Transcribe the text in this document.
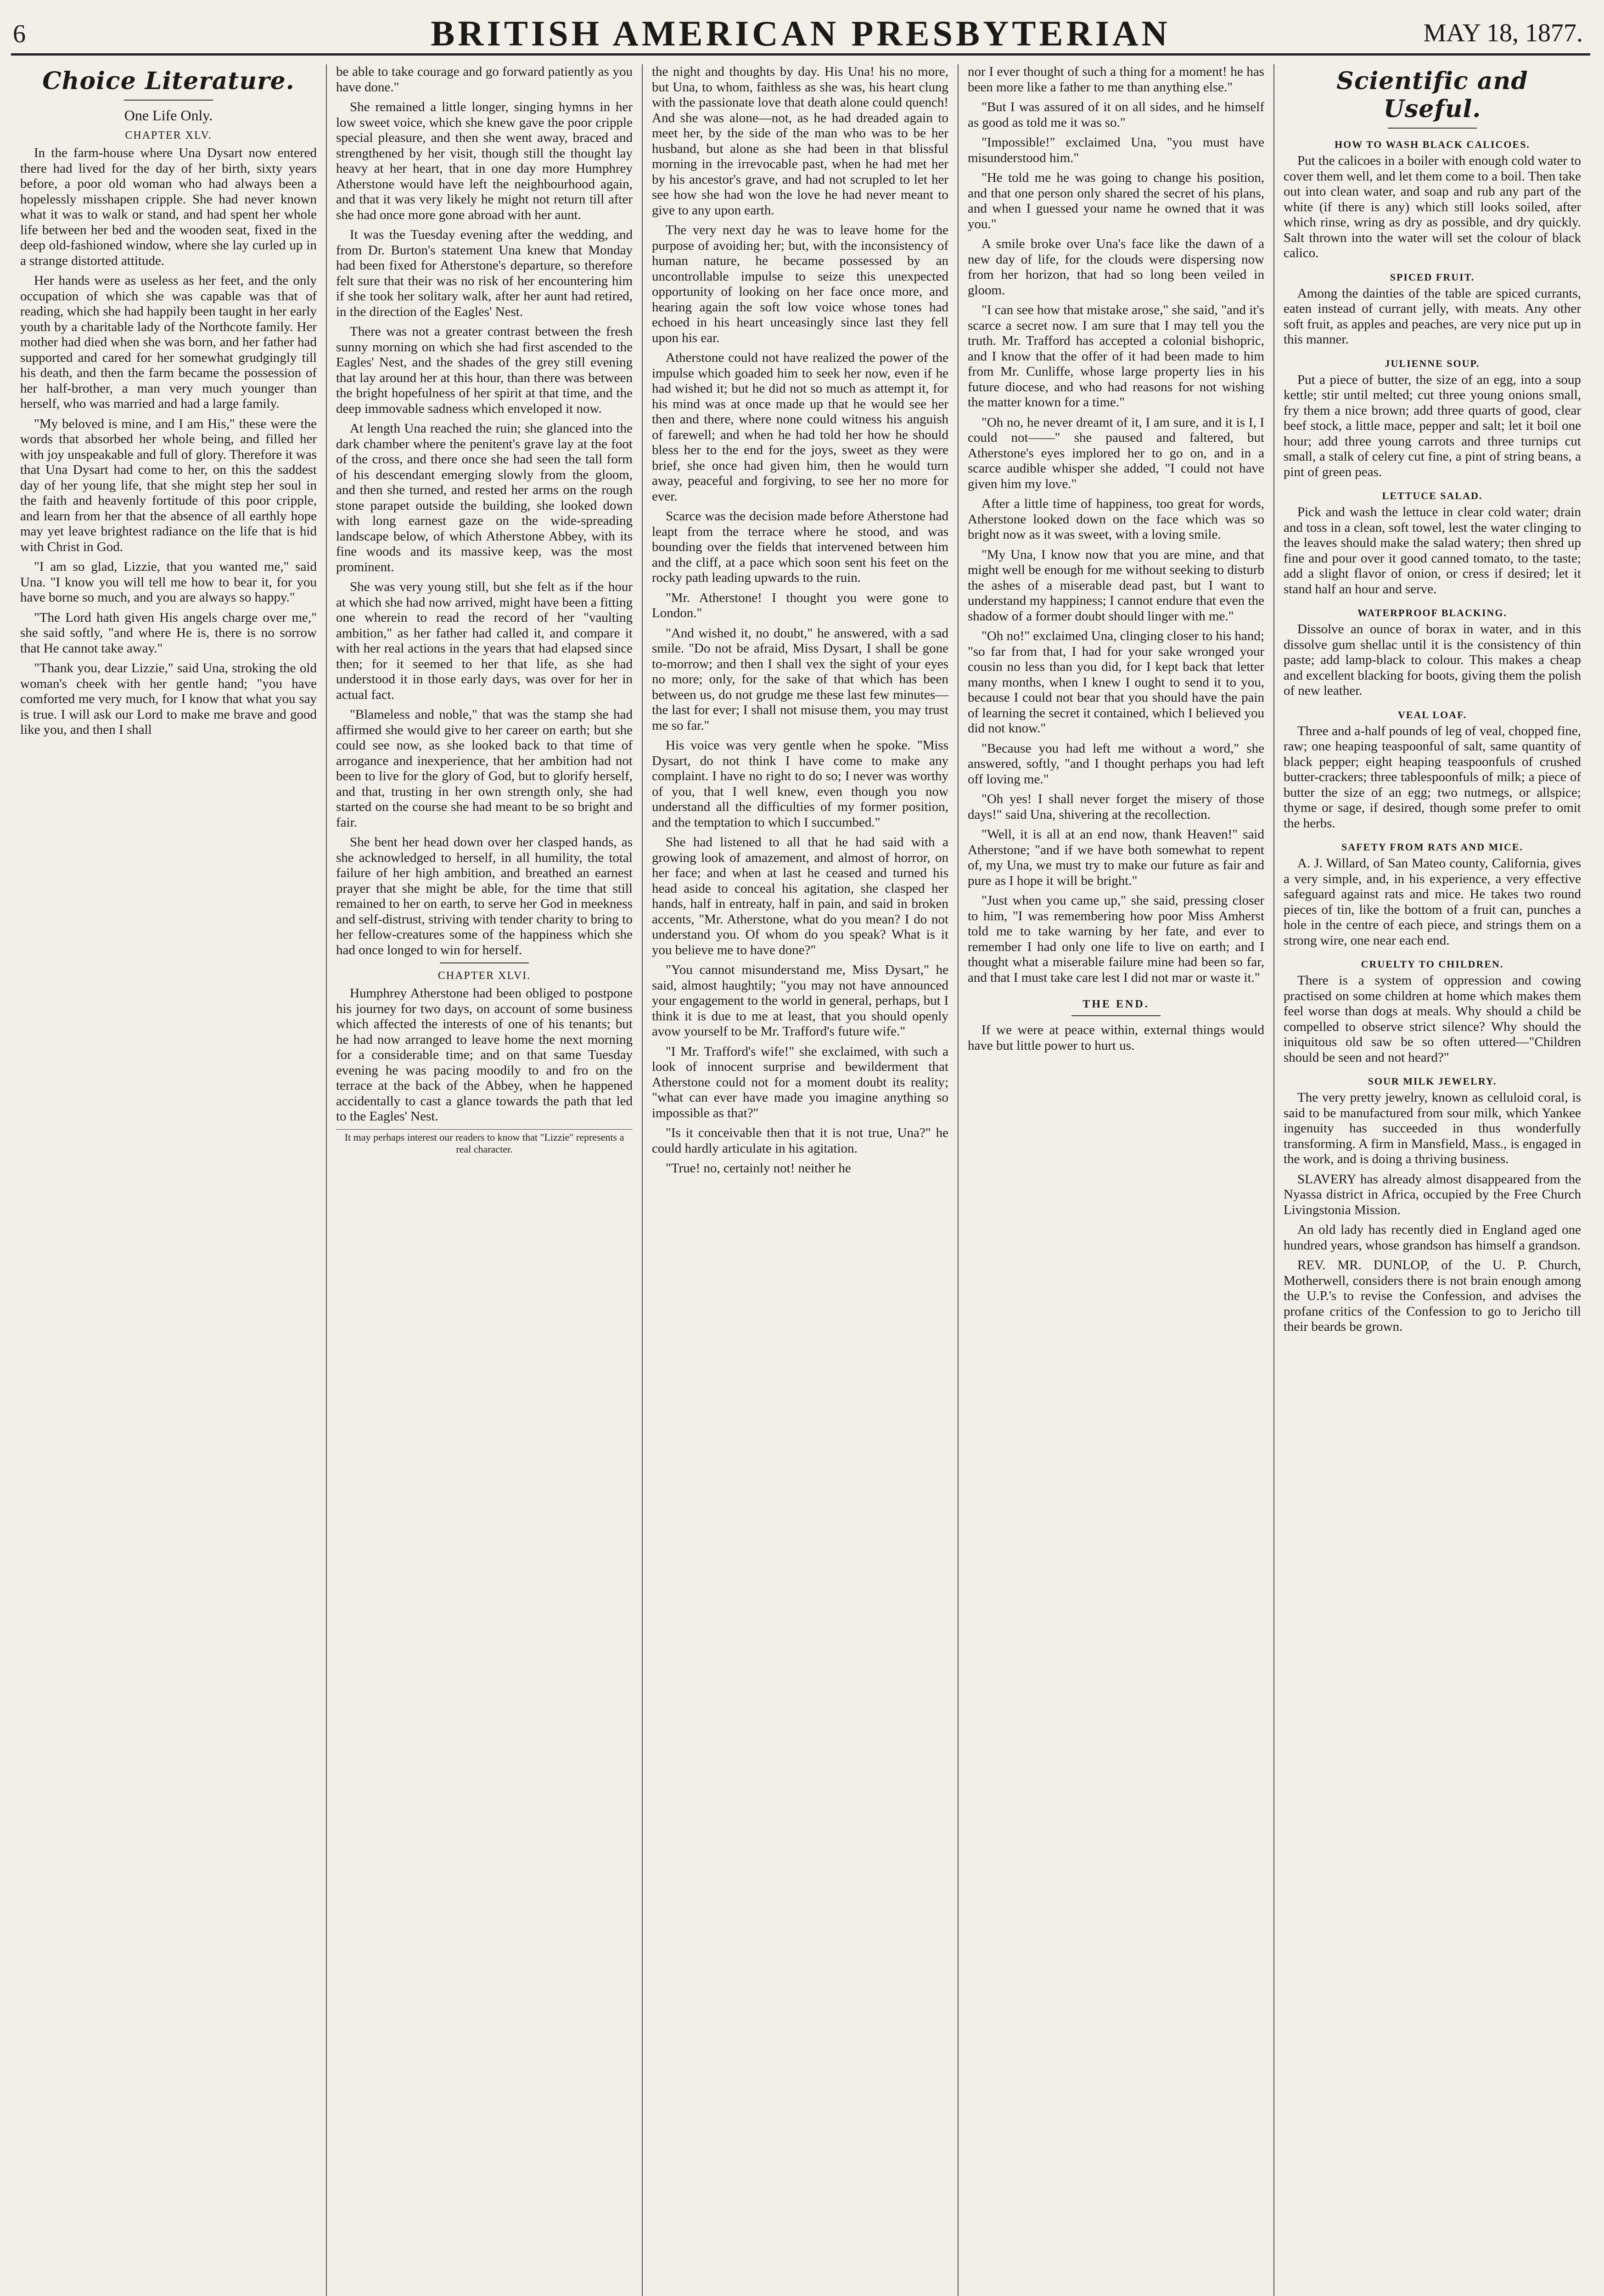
6	BRITISH AMERICAN PRESBYTERIAN	MAY 18, 1877.
Choice Literature.
One Life Only.
CHAPTER XLV.

In the farm-house where Una Dysart now entered there had lived for the day of her birth, sixty years before, a poor old woman who had always been a hopelessly misshapen cripple. She had never known what it was to walk or stand, and had spent her whole life between her bed and the wooden seat, fixed in the deep old-fashioned window, where she lay curled up in a strange distorted attitude.

Her hands were as useless as her feet, and the only occupation of which she was capable was that of reading, which she had happily been taught in her early youth by a charitable lady of the Northcote family. Her mother had died when she was born, and her father had supported and cared for her somewhat grudgingly till his death, and then the farm became the possession of her half-brother, a man very much younger than herself, who was married and had a large family.

"My beloved is mine, and I am His," these were the words that absorbed her whole being, and filled her with joy unspeakable and full of glory. Therefore it was that Una Dysart had come to her, on this the saddest day of her young life, that she might step her soul in the faith and heavenly fortitude of this poor cripple, and learn from her that the absence of all earthly hope may yet leave brightest radiance on the life that is hid with Christ in God.

"I am so glad, Lizzie, that you wanted me," said Una. "I know you will tell me how to bear it, for you have borne so much, and you are always so happy."

"The Lord hath given His angels charge over me," she said softly, "and where He is, there is no sorrow that He cannot take away."

"Thank you, dear Lizzie," said Una, stroking the old woman's cheek with her gentle hand; "you have comforted me very much, for I know that what you say is true. I will ask our Lord to make me brave and good like you, and then I shall

be able to take courage and go forward patiently as you have done."

She remained a little longer, singing hymns in her low sweet voice, which she knew gave the poor cripple special pleasure, and then she went away, braced and strengthened by her visit, though still the thought lay heavy at her heart, that in one day more Humphrey Atherstone would have left the neighbourhood again, and that it was very likely he might not return till after she had once more gone abroad with her aunt.

It was the Tuesday evening after the wedding, and from Dr. Burton's statement Una knew that Monday had been fixed for Atherstone's departure, so therefore felt sure that their was no risk of her encountering him if she took her solitary walk, after her aunt had retired, in the direction of the Eagles' Nest.

There was not a greater contrast between the fresh sunny morning on which she had first ascended to the Eagles' Nest, and the shades of the grey still evening that lay around her at this hour, than there was between the bright hopefulness of her spirit at that time, and the deep immovable sadness which enveloped it now.

At length Una reached the ruin; she glanced into the dark chamber where the penitent's grave lay at the foot of the cross, and there once she had seen the tall form of his descendant emerging slowly from the gloom, and then she turned, and rested her arms on the rough stone parapet outside the building, she looked down with long earnest gaze on the wide-spreading landscape below, of which Atherstone Abbey, with its fine woods and its massive keep, was the most prominent.

She was very young still, but she felt as if the hour at which she had now arrived, might have been a fitting one wherein to read the record of her "vaulting ambition," as her father had called it, and compare it with her real actions in the years that had elapsed since then; for it seemed to her that life, as she had understood it in those early days, was over for her in actual fact.

"Blameless and noble," that was the stamp she had affirmed she would give to her career on earth; but she could see now, as she looked back to that time of arrogance and inexperience, that her ambition had not been to live for the glory of God, but to glorify herself, and that, trusting in her own strength only, she had started on the course she had meant to be so bright and fair.

She bent her head down over her clasped hands, as she acknowledged to herself, in all humility, the total failure of her high ambition, and breathed an earnest prayer that she might be able, for the time that still remained to her on earth, to serve her God in meekness and self-distrust, striving with tender charity to bring to her fellow-creatures some of the happiness which she had once longed to win for herself.

CHAPTER XLVI.

Humphrey Atherstone had been obliged to postpone his journey for two days, on account of some business which affected the interests of one of his tenants; but he had now arranged to leave home the next morning for a considerable time; and on that same Tuesday evening he was pacing moodily to and fro on the terrace at the back of the Abbey, when he happened accidentally to cast a glance towards the path that led to the Eagles' Nest.

It may perhaps interest our readers to know that "Lizzie" represents a real character.

the night and thoughts by day. His Una! his no more, but Una, to whom, faithless as she was, his heart clung with the passionate love that death alone could quench! And she was alone—not, as he had dreaded again to meet her, by the side of the man who was to be her husband, but alone as she had been in that blissful morning in the irrevocable past, when he had met her by his ancestor's grave, and had not scrupled to let her see how she had won the love he had never meant to give to any upon earth.

The very next day he was to leave home for the purpose of avoiding her; but, with the inconsistency of human nature, he became possessed by an uncontrollable impulse to seize this unexpected opportunity of looking on her face once more, and hearing again the soft low voice whose tones had echoed in his heart unceasingly since last they fell upon his ear.

Atherstone could not have realized the power of the impulse which goaded him to seek her now, even if he had wished it; but he did not so much as attempt it, for his mind was at once made up that he would see her then and there, where none could witness his anguish of farewell; and when he had told her how he should bless her to the end for the joys, sweet as they were brief, she once had given him, then he would turn away, peaceful and forgiving, to see her no more for ever.

Scarce was the decision made before Atherstone had leapt from the terrace where he stood, and was bounding over the fields that intervened between him and the cliff, at a pace which soon sent his feet on the rocky path leading upwards to the ruin.

"Mr. Atherstone! I thought you were gone to London."

"And wished it, no doubt," he answered, with a sad smile. "Do not be afraid, Miss Dysart, I shall be gone to-morrow; and then I shall vex the sight of your eyes no more; only, for the sake of that which has been between us, do not grudge me these last few minutes—the last for ever; I shall not misuse them, you may trust me so far."

His voice was very gentle when he spoke. "Miss Dysart, do not think I have come to make any complaint. I have no right to do so; I never was worthy of you, that I well knew, even though you now understand all the difficulties of my former position, and the temptation to which I succumbed."

She had listened to all that he had said with a growing look of amazement, and almost of horror, on her face; and when at last he ceased and turned his head aside to conceal his agitation, she clasped her hands, half in entreaty, half in pain, and said in broken accents, "Mr. Atherstone, what do you mean? I do not understand you. Of whom do you speak? What is it you believe me to have done?"

"You cannot misunderstand me, Miss Dysart," he said, almost haughtily; "you may not have announced your engagement to the world in general, perhaps, but I think it is due to me at least, that you should openly avow yourself to be Mr. Trafford's future wife."

"I Mr. Trafford's wife!" she exclaimed, with such a look of innocent surprise and bewilderment that Atherstone could not for a moment doubt its reality; "what can ever have made you imagine anything so impossible as that?"

"Is it conceivable then that it is not true, Una?" he could hardly articulate in his agitation.

"True! no, certainly not! neither he

nor I ever thought of such a thing for a moment! he has been more like a father to me than anything else."

"But I was assured of it on all sides, and he himself as good as told me it was so."

"Impossible!" exclaimed Una, "you must have misunderstood him."

"He told me he was going to change his position, and that one person only shared the secret of his plans, and when I guessed your name he owned that it was you."

A smile broke over Una's face like the dawn of a new day of life, for the clouds were dispersing now from her horizon, that had so long been veiled in gloom.

"I can see how that mistake arose," she said, "and it's scarce a secret now. I am sure that I may tell you the truth. Mr. Trafford has accepted a colonial bishopric, and I know that the offer of it had been made to him from Mr. Cunliffe, whose large property lies in his future diocese, and who had reasons for not wishing the matter known for a time."

"Oh no, he never dreamt of it, I am sure, and it is I, I could not——" she paused and faltered, but Atherstone's eyes implored her to go on, and in a scarce audible whisper she added, "I could not have given him my love."

After a little time of happiness, too great for words, Atherstone looked down on the face which was so bright now as it was sweet, with a loving smile.

"My Una, I know now that you are mine, and that might well be enough for me without seeking to disturb the ashes of a miserable dead past, but I want to understand my happiness; I cannot endure that even the shadow of a former doubt should linger with me."

"Oh no!" exclaimed Una, clinging closer to his hand; "so far from that, I had for your sake wronged your cousin no less than you did, for I kept back that letter many months, when I knew I ought to send it to you, because I could not bear that you should have the pain of learning the secret it contained, which I believed you did not know."

"Because you had left me without a word," she answered, softly, "and I thought perhaps you had left off loving me."

"Oh yes! I shall never forget the misery of those days!" said Una, shivering at the recollection.

"Well, it is all at an end now, thank Heaven!" said Atherstone; "and if we have both somewhat to repent of, my Una, we must try to make our future as fair and pure as I hope it will be bright."

"Just when you came up," she said, pressing closer to him, "I was remembering how poor Miss Amherst told me to take warning by her fate, and ever to remember I had only one life to live on earth; and I thought what a miserable failure mine had been so far, and that I must take care lest I did not mar or waste it."

THE END.

If we were at peace within, external things would have but little power to hurt us.

Scientific and Useful.
HOW TO WASH BLACK CALICOES.

Put the calicoes in a boiler with enough cold water to cover them well, and let them come to a boil. Then take out into clean water, and soap and rub any part of the white (if there is any) which still looks soiled, after which rinse, wring as dry as possible, and dry quickly. Salt thrown into the water will set the colour of black calico.

SPICED FRUIT.

Among the dainties of the table are spiced currants, eaten instead of currant jelly, with meats. Any other soft fruit, as apples and peaches, are very nice put up in this manner.

JULIENNE SOUP.

Put a piece of butter, the size of an egg, into a soup kettle; stir until melted; cut three young onions small, fry them a nice brown; add three quarts of good, clear beef stock, a little mace, pepper and salt; let it boil one hour; add three young carrots and three turnips cut small, a stalk of celery cut fine, a pint of string beans, a pint of green peas.

LETTUCE SALAD.

Pick and wash the lettuce in clear cold water; drain and toss in a clean, soft towel, lest the water clinging to the leaves should make the salad watery; then shred up fine and pour over it good canned tomato, to the taste; add a slight flavor of onion, or cress if desired; let it stand half an hour and serve.

WATERPROOF BLACKING.

Dissolve an ounce of borax in water, and in this dissolve gum shellac until it is the consistency of thin paste; add lamp-black to colour. This makes a cheap and excellent blacking for boots, giving them the polish of new leather.

VEAL LOAF.

Three and a-half pounds of leg of veal, chopped fine, raw; one heaping teaspoonful of salt, same quantity of black pepper; eight heaping teaspoonfuls of crushed butter-crackers; three tablespoonfuls of milk; a piece of butter the size of an egg; two nutmegs, or allspice; thyme or sage, if desired, though some prefer to omit the herbs.

SAFETY FROM RATS AND MICE.

A. J. Willard, of San Mateo county, California, gives a very simple, and, in his experience, a very effective safeguard against rats and mice. He takes two round pieces of tin, like the bottom of a fruit can, punches a hole in the centre of each piece, and strings them on a strong wire, one near each end.

CRUELTY TO CHILDREN.

There is a system of oppression and cowing practised on some children at home which makes them feel worse than dogs at meals. Why should a child be compelled to observe strict silence? Why should the iniquitous old saw be so often uttered—"Children should be seen and not heard?"

SOUR MILK JEWELRY.

The very pretty jewelry, known as celluloid coral, is said to be manufactured from sour milk, which Yankee ingenuity has succeeded in thus wonderfully transforming. A firm in Mansfield, Mass., is engaged in the work, and is doing a thriving business.

SLAVERY has already almost disappeared from the Nyassa district in Africa, occupied by the Free Church Livingstonia Mission.

An old lady has recently died in England aged one hundred years, whose grandson has himself a grandson.

REV. MR. DUNLOP, of the U. P. Church, Motherwell, considers there is not brain enough among the U.P.'s to revise the Confession, and advises the profane critics of the Confession to go to Jericho till their beards be grown.
